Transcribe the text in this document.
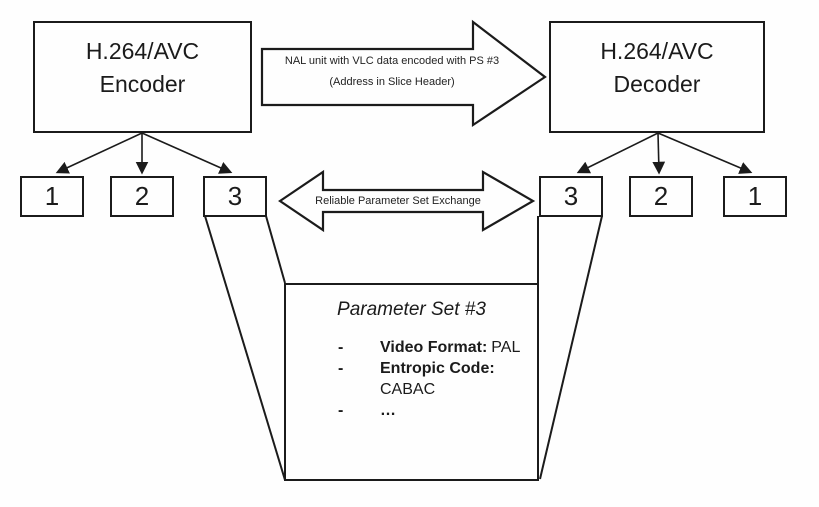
H.264/AVC
Encoder
H.264/AVC
Decoder
NAL unit with VLC data encoded with PS #3
(Address in Slice Header)
Reliable Parameter Set Exchange
1	2	3	3	2	1
Parameter Set #3
- Video Format: PAL
- Entropic Code:
CABAC
- …
